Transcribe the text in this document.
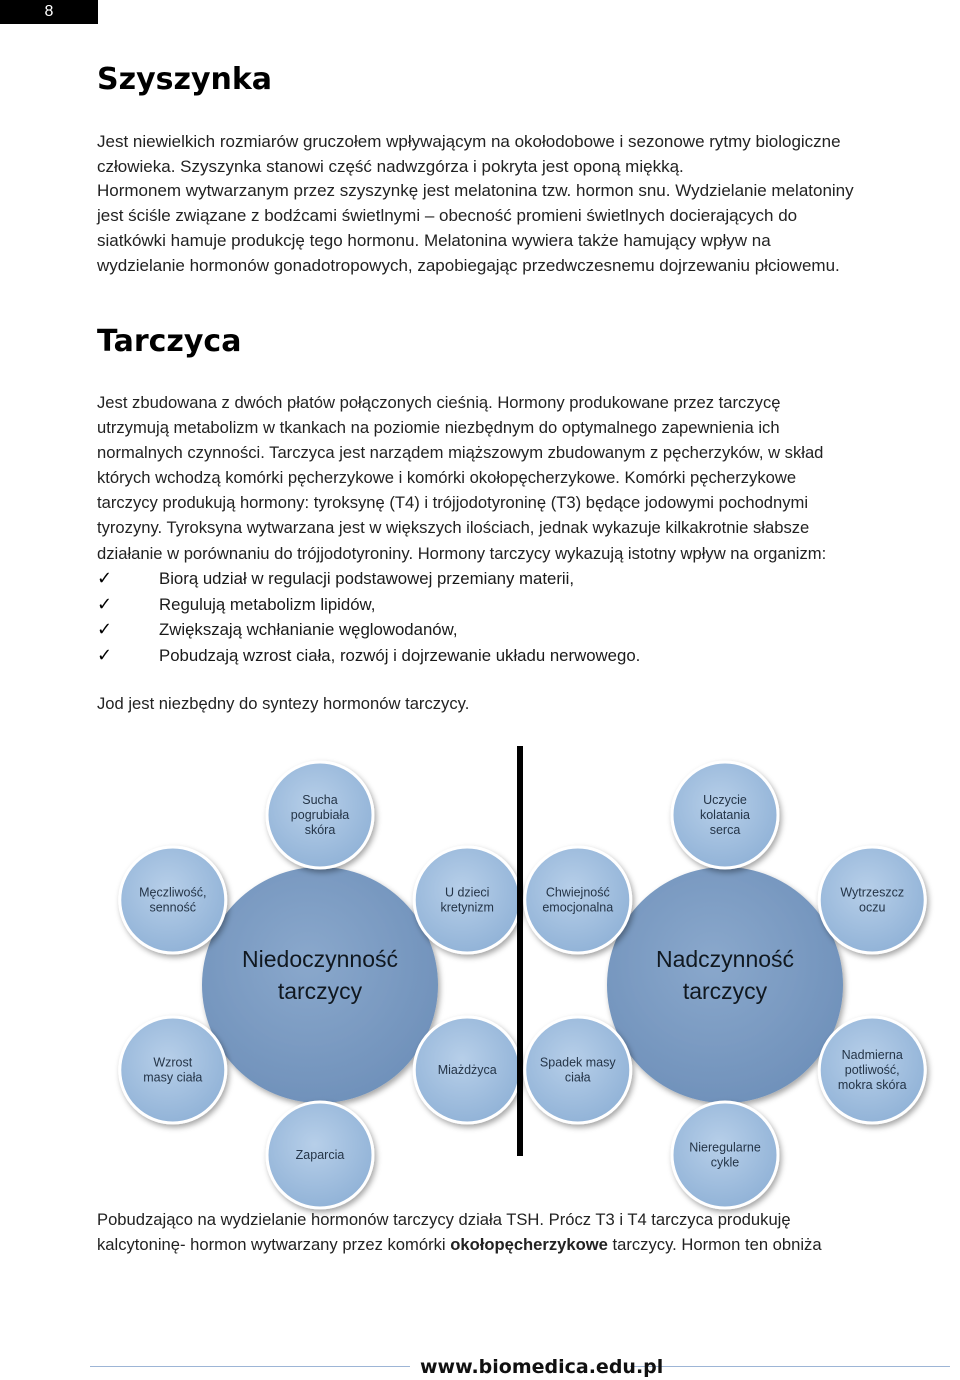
8
Szyszynka
Jest niewielkich rozmiarów gruczołem wpływającym na okołodobowe i sezonowe rytmy biologiczne
człowieka. Szyszynka stanowi część nadwzgórza i pokryta jest oponą miękką.
Hormonem wytwarzanym przez szyszynkę jest melatonina tzw. hormon snu. Wydzielanie melatoniny
jest ściśle związane z bodźcami świetlnymi – obecność promieni świetlnych docierających do
siatkówki hamuje produkcję tego hormonu. Melatonina wywiera także hamujący wpływ na
wydzielanie hormonów gonadotropowych, zapobiegając przedwczesnemu dojrzewaniu płciowemu.
Tarczyca
Jest zbudowana z dwóch płatów połączonych cieśnią. Hormony produkowane przez tarczycę
utrzymują metabolizm w tkankach na poziomie niezbędnym do optymalnego zapewnienia ich
normalnych czynności. Tarczyca jest narządem miąższowym zbudowanym z pęcherzyków, w skład
których wchodzą komórki pęcherzykowe i komórki okołopęcherzykowe. Komórki pęcherzykowe
tarczycy produkują hormony: tyroksynę (T4) i trójjodotyroninę (T3) będące jodowymi pochodnymi
tyrozyny. Tyroksyna wytwarzana jest w większych ilościach, jednak wykazuje kilkakrotnie słabsze
działanie w porównaniu do trójjodotyroniny. Hormony tarczycy wykazują istotny wpływ na organizm:
✓	Biorą udział w regulacji podstawowej przemiany materii,
✓	Regulują metabolizm lipidów,
✓	Zwiększają wchłanianie węglowodanów,
✓	Pobudzają wzrost ciała, rozwój i dojrzewanie układu nerwowego.
Jod jest niezbędny do syntezy hormonów tarczycy.
Sucha
pogrubiała
skóra
U dzieci
kretynizm
Miażdżyca
Zaparcia
Wzrost
masy ciała
Męczliwość,
senność
Niedoczynność
tarczycy
Uczycie
kolatania
serca
Wytrzeszcz
oczu
Nadmierna
potliwość,
mokra skóra
Nieregularne
cykle
Spadek masy
ciała
Chwiejność
emocjonalna
Nadczynność
tarczycy
Pobudzająco na wydzielanie hormonów tarczycy działa TSH. Prócz T3 i T4 tarczyca produkuję
kalcytoninę- hormon wytwarzany przez komórki okołopęcherzykowe tarczycy. Hormon ten obniża
www.biomedica.edu.pl
